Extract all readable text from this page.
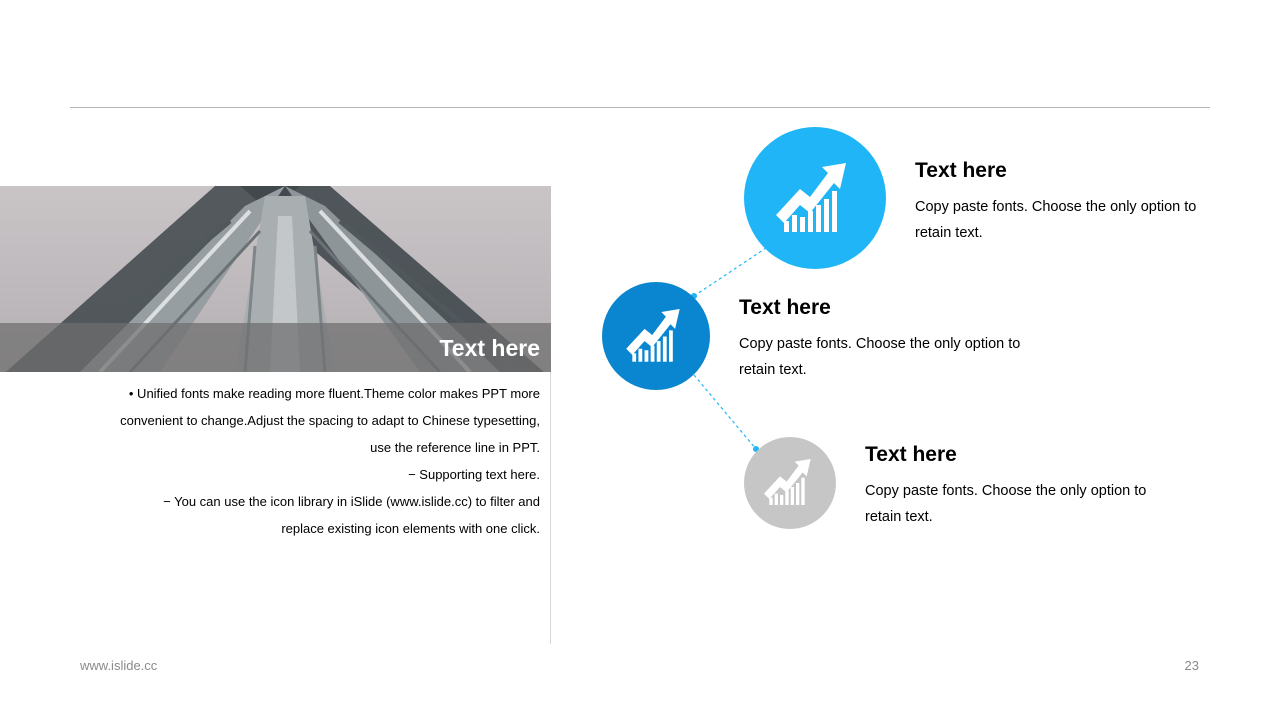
Text here

• Unified fonts make reading more fluent.Theme color makes PPT more

convenient to change.Adjust the spacing to adapt to Chinese typesetting,

use the reference line in PPT.

− Supporting text here.

− You can use the icon library in iSlide (www.islide.cc) to filter and

replace existing icon elements with one click.

Text here
Copy paste fonts. Choose the only option to
retain text.
Text here
Copy paste fonts. Choose the only option to
retain text.
Text here
Copy paste fonts. Choose the only option to
retain text.
www.islide.cc	23
